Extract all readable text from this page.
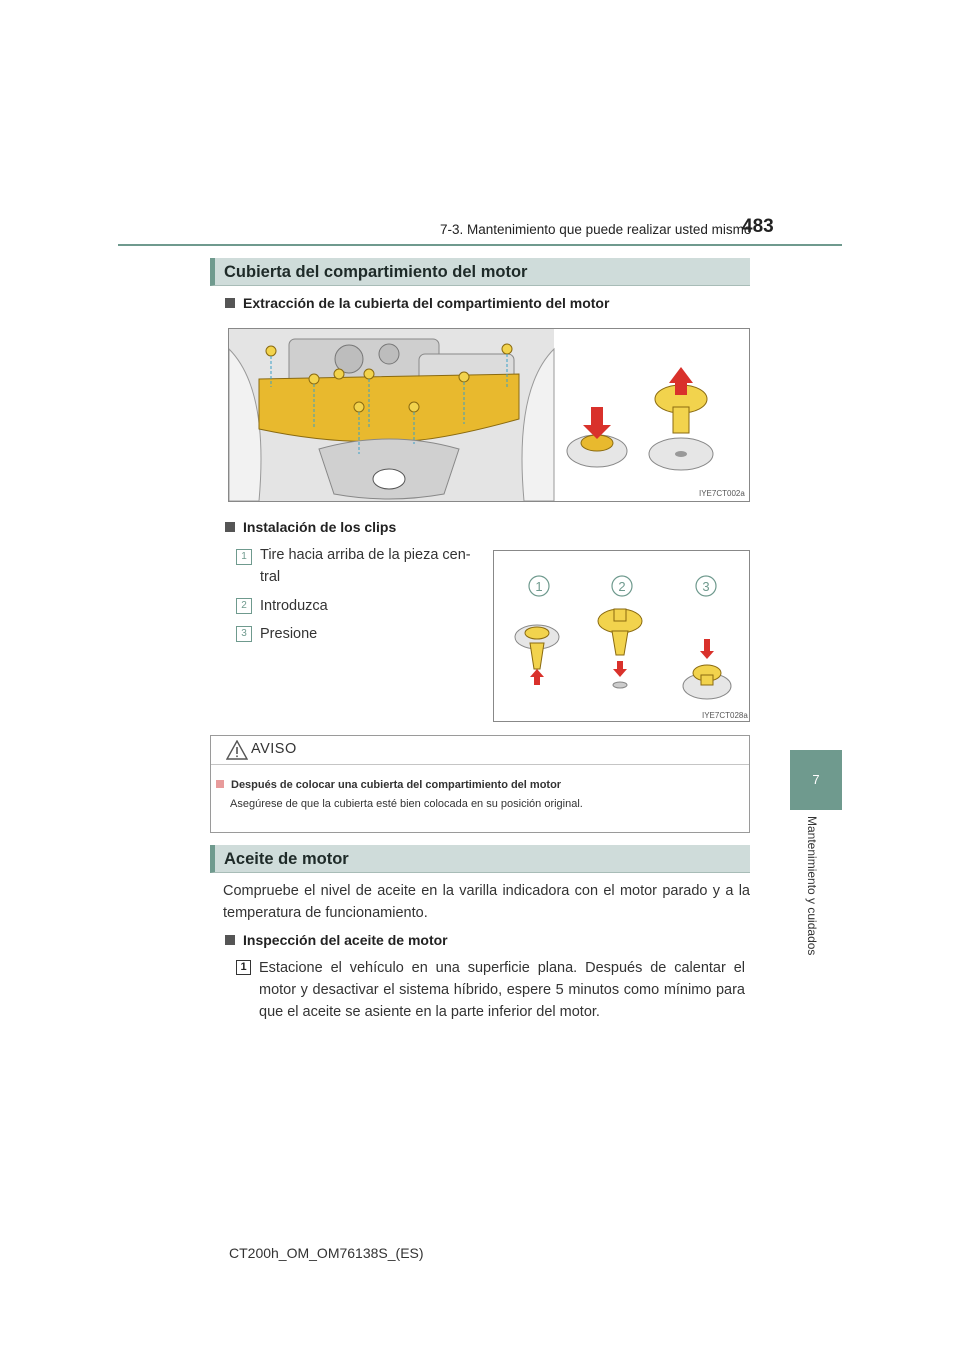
7-3. Mantenimiento que puede realizar usted mismo
483
7
Mantenimiento y cuidados
Cubierta del compartimiento del motor
Extracción de la cubierta del compartimiento del motor
IYE7CT002a
Instalación de los clips
1 Tire hacia arriba de la pieza cen-
tral
2 Introduzca
3 Presione
1	2	3
IYE7CT028a
AVISO
Después de colocar una cubierta del compartimiento del motor
Asegúrese de que la cubierta esté bien colocada en su posición original.
Aceite de motor
Compruebe el nivel de aceite en la varilla indicadora con el motor parado y a la temperatura de funcionamiento.
Inspección del aceite de motor
1 Estacione el vehículo en una superficie plana. Después de calentar el motor y desactivar el sistema híbrido, espere 5 minutos como mínimo para que el aceite se asiente en la parte inferior del motor.
CT200h_OM_OM76138S_(ES)
